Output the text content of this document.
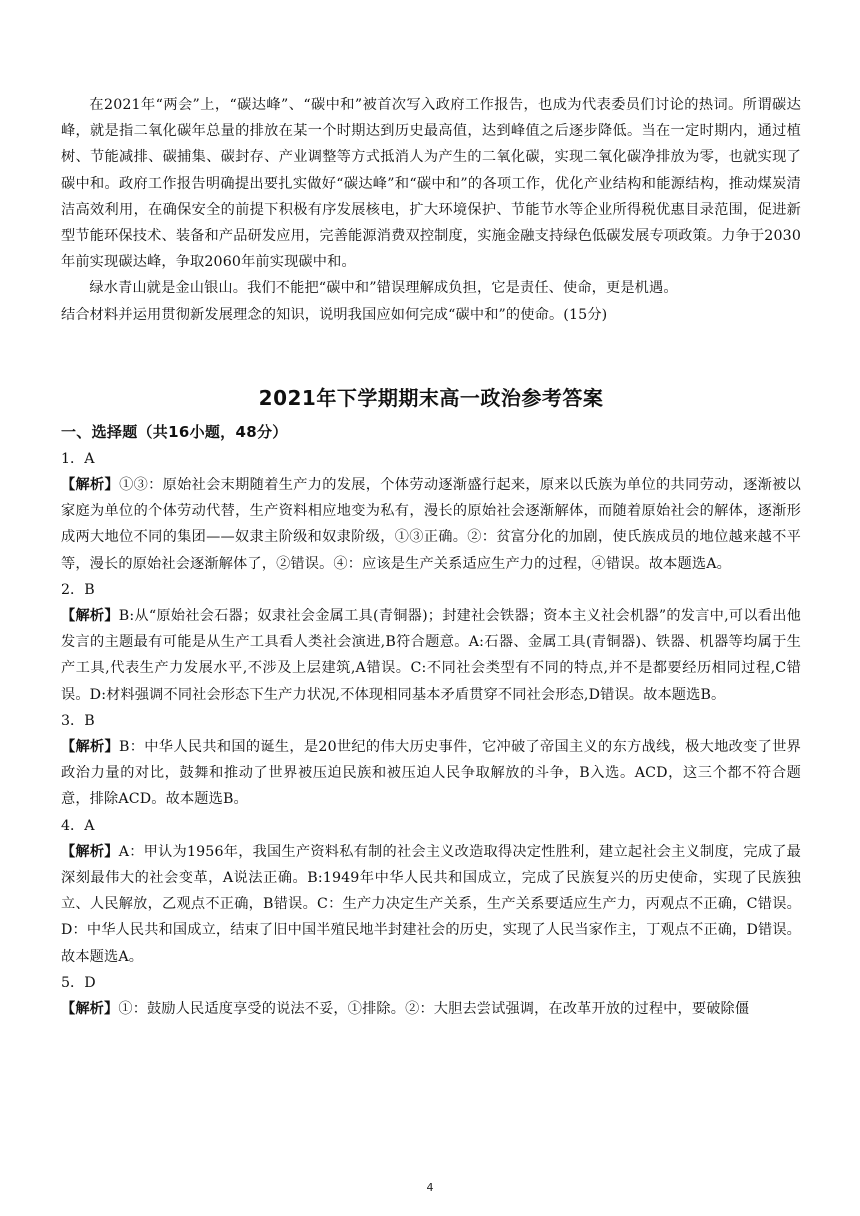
在2021年“两会”上，“碳达峰”、“碳中和”被首次写入政府工作报告，也成为代表委员们讨论的热词。所谓碳达峰，就是指二氧化碳年总量的排放在某一个时期达到历史最高值，达到峰值之后逐步降低。当在一定时期内，通过植树、节能减排、碳捕集、碳封存、产业调整等方式抵消人为产生的二氧化碳，实现二氧化碳净排放为零，也就实现了碳中和。政府工作报告明确提出要扎实做好“碳达峰”和“碳中和”的各项工作，优化产业结构和能源结构，推动煤炭清洁高效利用，在确保安全的前提下积极有序发展核电，扩大环境保护、节能节水等企业所得税优惠目录范围，促进新型节能环保技术、装备和产品研发应用，完善能源消费双控制度，实施金融支持绿色低碳发展专项政策。力争于2030年前实现碳达峰，争取2060年前实现碳中和。

绿水青山就是金山银山。我们不能把“碳中和”错误理解成负担，它是责任、使命，更是机遇。

结合材料并运用贯彻新发展理念的知识，说明我国应如何完成“碳中和”的使命。(15分)

2021年下学期期末高一政治参考答案
一、选择题（共16小题，48分）
1．A

【解析】①③：原始社会末期随着生产力的发展，个体劳动逐渐盛行起来，原来以氏族为单位的共同劳动，逐渐被以家庭为单位的个体劳动代替，生产资料相应地变为私有，漫长的原始社会逐渐解体，而随着原始社会的解体，逐渐形成两大地位不同的集团——奴隶主阶级和奴隶阶级，①③正确。②：贫富分化的加剧，使氏族成员的地位越来越不平等，漫长的原始社会逐渐解体了，②错误。④：应该是生产关系适应生产力的过程，④错误。故本题选A。

2．B

【解析】B:从“原始社会石器；奴隶社会金属工具(青铜器)；封建社会铁器；资本主义社会机器”的发言中,可以看出他发言的主题最有可能是从生产工具看人类社会演进,B符合题意。A:石器、金属工具(青铜器)、铁器、机器等均属于生产工具,代表生产力发展水平,不涉及上层建筑,A错误。C:不同社会类型有不同的特点,并不是都要经历相同过程,C错误。D:材料强调不同社会形态下生产力状况,不体现相同基本矛盾贯穿不同社会形态,D错误。故本题选B。

3．B

【解析】B：中华人民共和国的诞生，是20世纪的伟大历史事件，它冲破了帝国主义的东方战线，极大地改变了世界政治力量的对比，鼓舞和推动了世界被压迫民族和被压迫人民争取解放的斗争，B入选。ACD，这三个都不符合题意，排除ACD。故本题选B。

4．A

【解析】A：甲认为1956年，我国生产资料私有制的社会主义改造取得决定性胜利，建立起社会主义制度，完成了最深刻最伟大的社会变革，A说法正确。B:1949年中华人民共和国成立，完成了民族复兴的历史使命，实现了民族独立、人民解放，乙观点不正确，B错误。C：生产力决定生产关系，生产关系要适应生产力，丙观点不正确，C错误。D：中华人民共和国成立，结束了旧中国半殖民地半封建社会的历史，实现了人民当家作主，丁观点不正确，D错误。故本题选A。

5．D

【解析】①：鼓励人民适度享受的说法不妥，①排除。②：大胆去尝试强调，在改革开放的过程中，要破除僵

4
